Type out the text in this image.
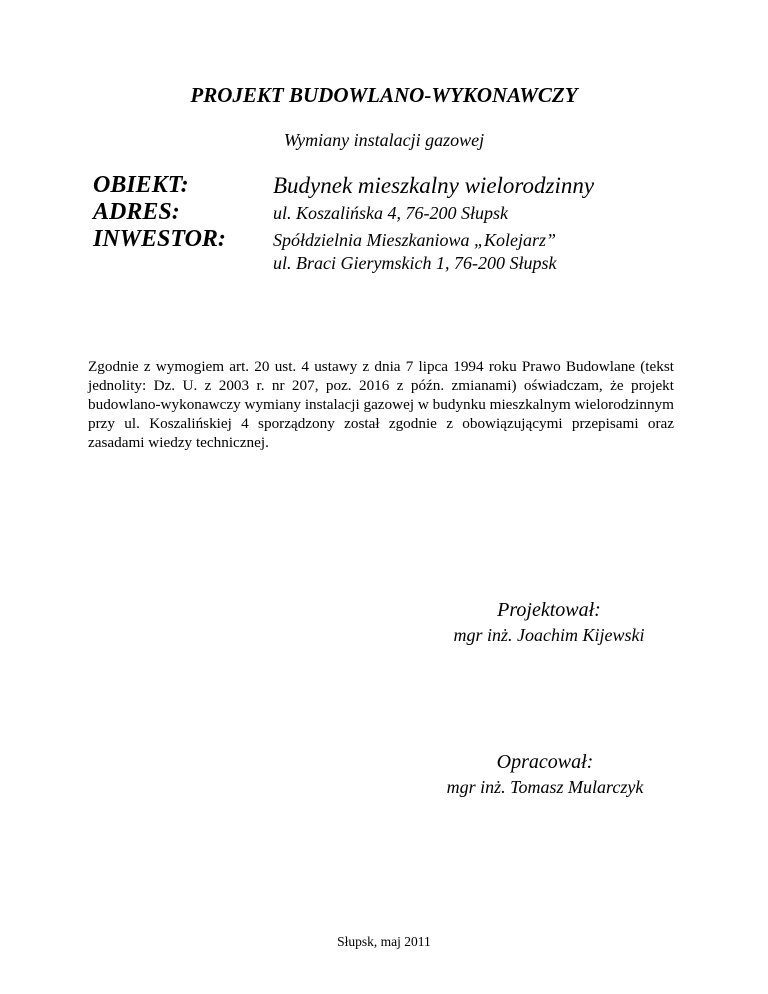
PROJEKT BUDOWLANO-WYKONAWCZY
Wymiany instalacji gazowej
OBIEKT:	Budynek mieszkalny wielorodzinny
ADRES:	ul. Koszalińska 4, 76-200 Słupsk
INWESTOR:	Spółdzielnia Mieszkaniowa „Kolejarz”
ul. Braci Gierymskich 1, 76-200 Słupsk
Zgodnie z wymogiem art. 20 ust. 4 ustawy z dnia 7 lipca 1994 roku Prawo Budowlane (tekst jednolity: Dz. U. z 2003 r. nr 207, poz. 2016 z późn. zmianami) oświadczam, że projekt budowlano-wykonawczy wymiany instalacji gazowej w budynku mieszkalnym wielorodzinnym przy ul. Koszalińskiej 4 sporządzony został zgodnie z obowiązującymi przepisami oraz zasadami wiedzy technicznej.
Projektował:
mgr inż. Joachim Kijewski
Opracował:
mgr inż. Tomasz Mularczyk
Słupsk, maj 2011
